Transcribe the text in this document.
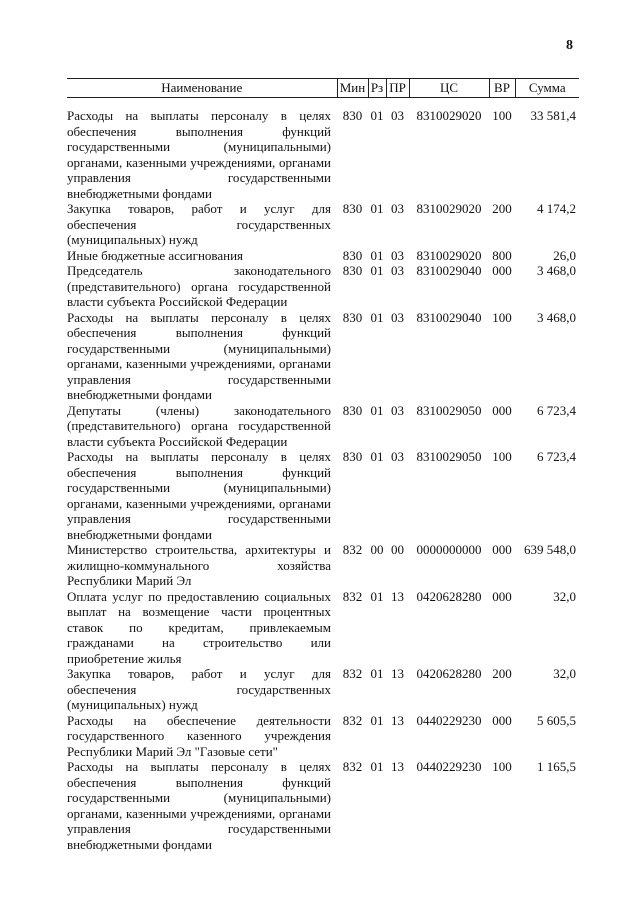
8
Наименование	Мин	Рз	ПР	ЦС	ВР	Сумма
Расходы на выплаты персоналу в целях обеспечения выполнения функций государственными (муниципальными) органами, казенными учреждениями, органами управления государственными внебюджетными фондами	830	01	03	8310029020	100	33 581,4
Закупка товаров, работ и услуг для обеспечения государственных (муниципальных) нужд	830	01	03	8310029020	200	4 174,2
Иные бюджетные ассигнования	830	01	03	8310029020	800	26,0
Председатель законодательного (представительного) органа государственной власти субъекта Российской Федерации	830	01	03	8310029040	000	3 468,0
Расходы на выплаты персоналу в целях обеспечения выполнения функций государственными (муниципальными) органами, казенными учреждениями, органами управления государственными внебюджетными фондами	830	01	03	8310029040	100	3 468,0
Депутаты (члены) законодательного (представительного) органа государственной власти субъекта Российской Федерации	830	01	03	8310029050	000	6 723,4
Расходы на выплаты персоналу в целях обеспечения выполнения функций государственными (муниципальными) органами, казенными учреждениями, органами управления государственными внебюджетными фондами	830	01	03	8310029050	100	6 723,4
Министерство строительства, архитектуры и жилищно-коммунального хозяйства Республики Марий Эл	832	00	00	0000000000	000	639 548,0
Оплата услуг по предоставлению социальных выплат на возмещение части процентных ставок по кредитам, привлекаемым гражданами на строительство или приобретение жилья	832	01	13	0420628280	000	32,0
Закупка товаров, работ и услуг для обеспечения государственных (муниципальных) нужд	832	01	13	0420628280	200	32,0
Расходы на обеспечение деятельности государственного казенного учреждения Республики Марий Эл "Газовые сети"	832	01	13	0440229230	000	5 605,5
Расходы на выплаты персоналу в целях обеспечения выполнения функций государственными (муниципальными) органами, казенными учреждениями, органами управления государственными внебюджетными фондами	832	01	13	0440229230	100	1 165,5
